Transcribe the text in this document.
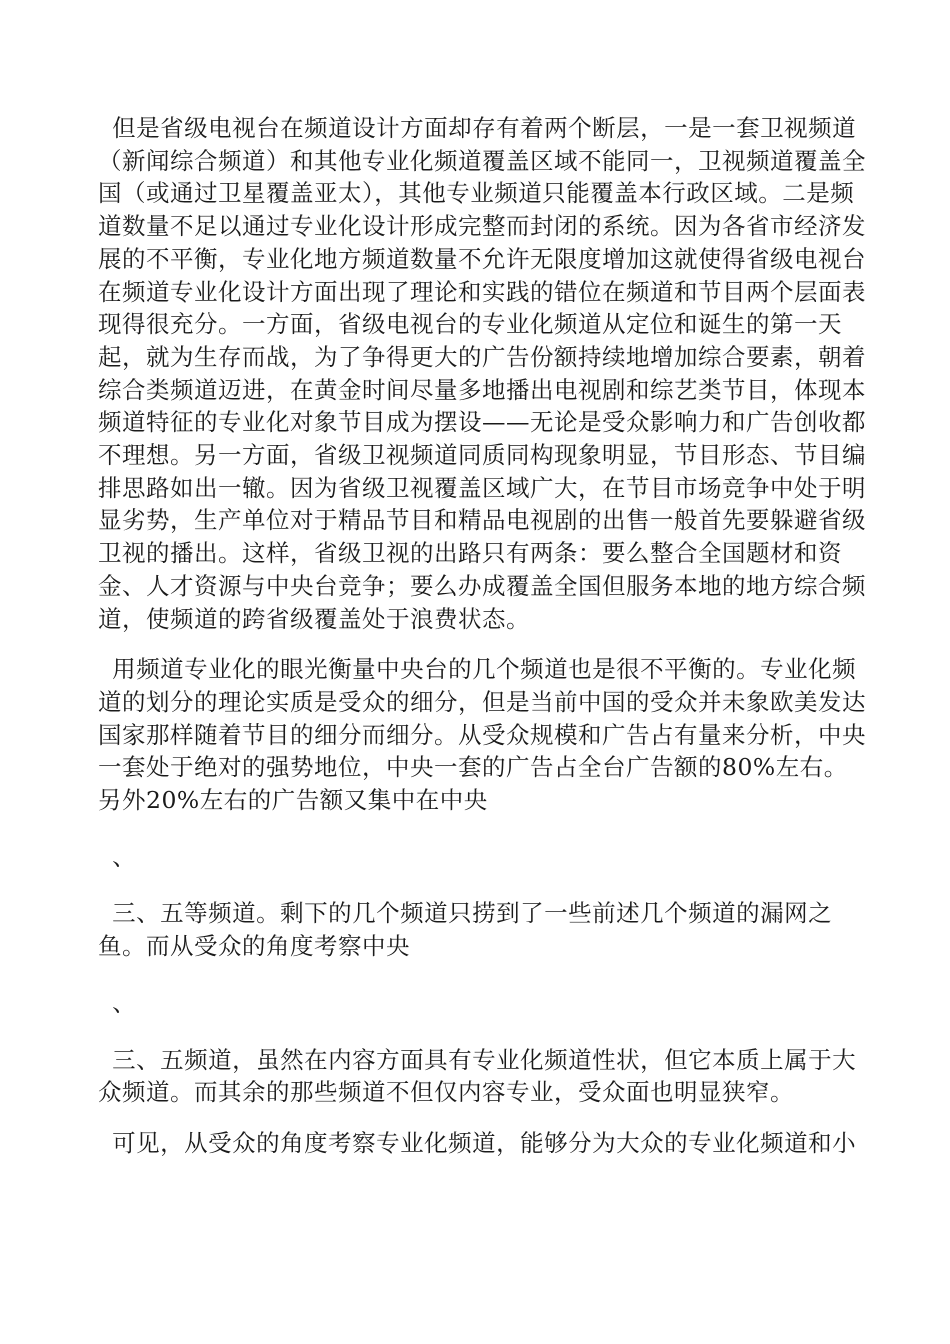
但是省级电视台在频道设计方面却存有着两个断层，一是一套卫视频道（新闻综合频道）和其他专业化频道覆盖区域不能同一，卫视频道覆盖全国（或通过卫星覆盖亚太），其他专业频道只能覆盖本行政区域。二是频道数量不足以通过专业化设计形成完整而封闭的系统。因为各省市经济发展的不平衡，专业化地方频道数量不允许无限度增加这就使得省级电视台在频道专业化设计方面出现了理论和实践的错位在频道和节目两个层面表现得很充分。一方面，省级电视台的专业化频道从定位和诞生的第一天起，就为生存而战，为了争得更大的广告份额持续地增加综合要素，朝着综合类频道迈进，在黄金时间尽量多地播出电视剧和综艺类节目，体现本频道特征的专业化对象节目成为摆设——无论是受众影响力和广告创收都不理想。另一方面，省级卫视频道同质同构现象明显，节目形态、节目编排思路如出一辙。因为省级卫视覆盖区域广大，在节目市场竞争中处于明显劣势，生产单位对于精品节目和精品电视剧的出售一般首先要躲避省级卫视的播出。这样，省级卫视的出路只有两条：要么整合全国题材和资金、人才资源与中央台竞争；要么办成覆盖全国但服务本地的地方综合频道，使频道的跨省级覆盖处于浪费状态。

用频道专业化的眼光衡量中央台的几个频道也是很不平衡的。专业化频道的划分的理论实质是受众的细分，但是当前中国的受众并未象欧美发达国家那样随着节目的细分而细分。从受众规模和广告占有量来分析，中央一套处于绝对的强势地位，中央一套的广告占全台广告额的80%左右。另外20%左右的广告额又集中在中央

、

三、五等频道。剩下的几个频道只捞到了一些前述几个频道的漏网之鱼。而从受众的角度考察中央

、

三、五频道，虽然在内容方面具有专业化频道性状，但它本质上属于大众频道。而其余的那些频道不但仅内容专业，受众面也明显狭窄。

可见，从受众的角度考察专业化频道，能够分为大众的专业化频道和小
